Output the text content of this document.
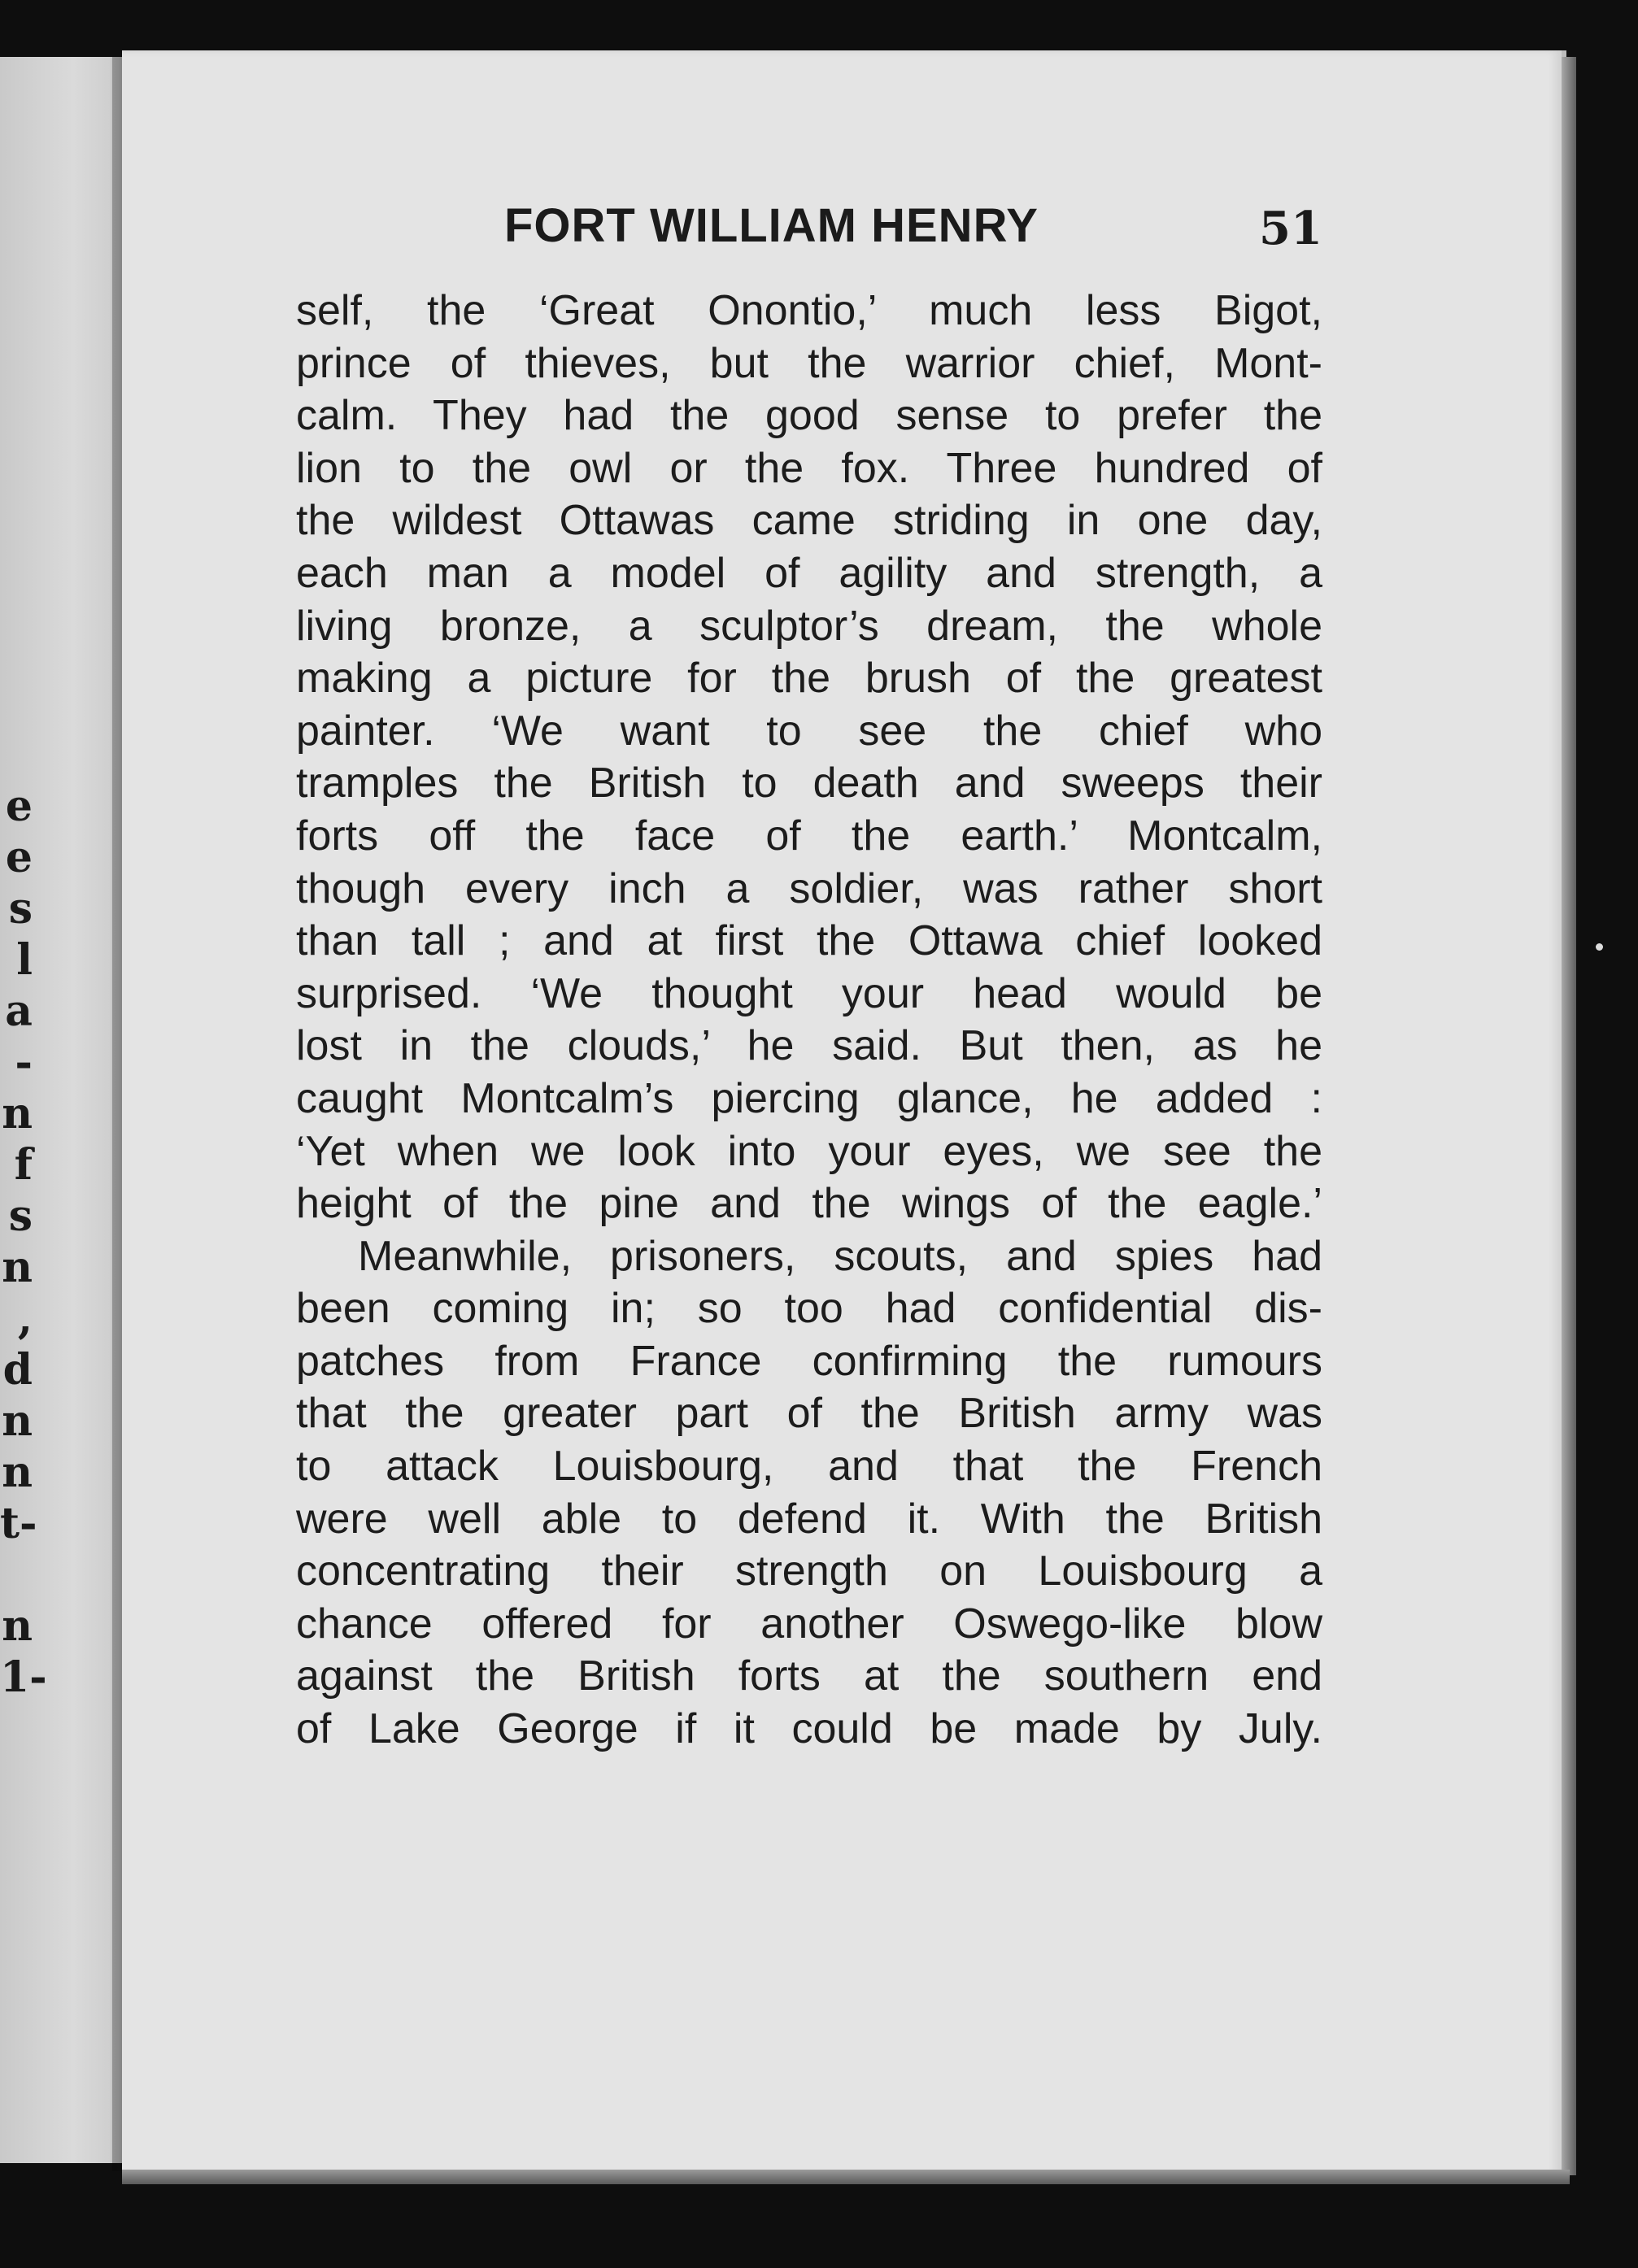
e
e
s
l
a
-
n
f
s
n
,
d
n
n
t-
n
1-
FORT WILLIAM HENRY	51
self, the ‘Great Onontio,’ much less Bigot,
prince of thieves, but the warrior chief, Mont-
calm. They had the good sense to prefer the
lion to the owl or the fox. Three hundred of
the wildest Ottawas came striding in one day,
each man a model of agility and strength, a
living bronze, a sculptor’s dream, the whole
making a picture for the brush of the greatest
painter. ‘We want to see the chief who
tramples the British to death and sweeps their
forts off the face of the earth.’ Montcalm,
though every inch a soldier, was rather short
than tall ; and at first the Ottawa chief looked
surprised. ‘We thought your head would be
lost in the clouds,’ he said. But then, as he
caught Montcalm’s piercing glance, he added :
‘Yet when we look into your eyes, we see the
height of the pine and the wings of the eagle.’
Meanwhile, prisoners, scouts, and spies had
been coming in; so too had confidential dis-
patches from France confirming the rumours
that the greater part of the British army was
to attack Louisbourg, and that the French
were well able to defend it. With the British
concentrating their strength on Louisbourg a
chance offered for another Oswego-like blow
against the British forts at the southern end
of Lake George if it could be made by July.
